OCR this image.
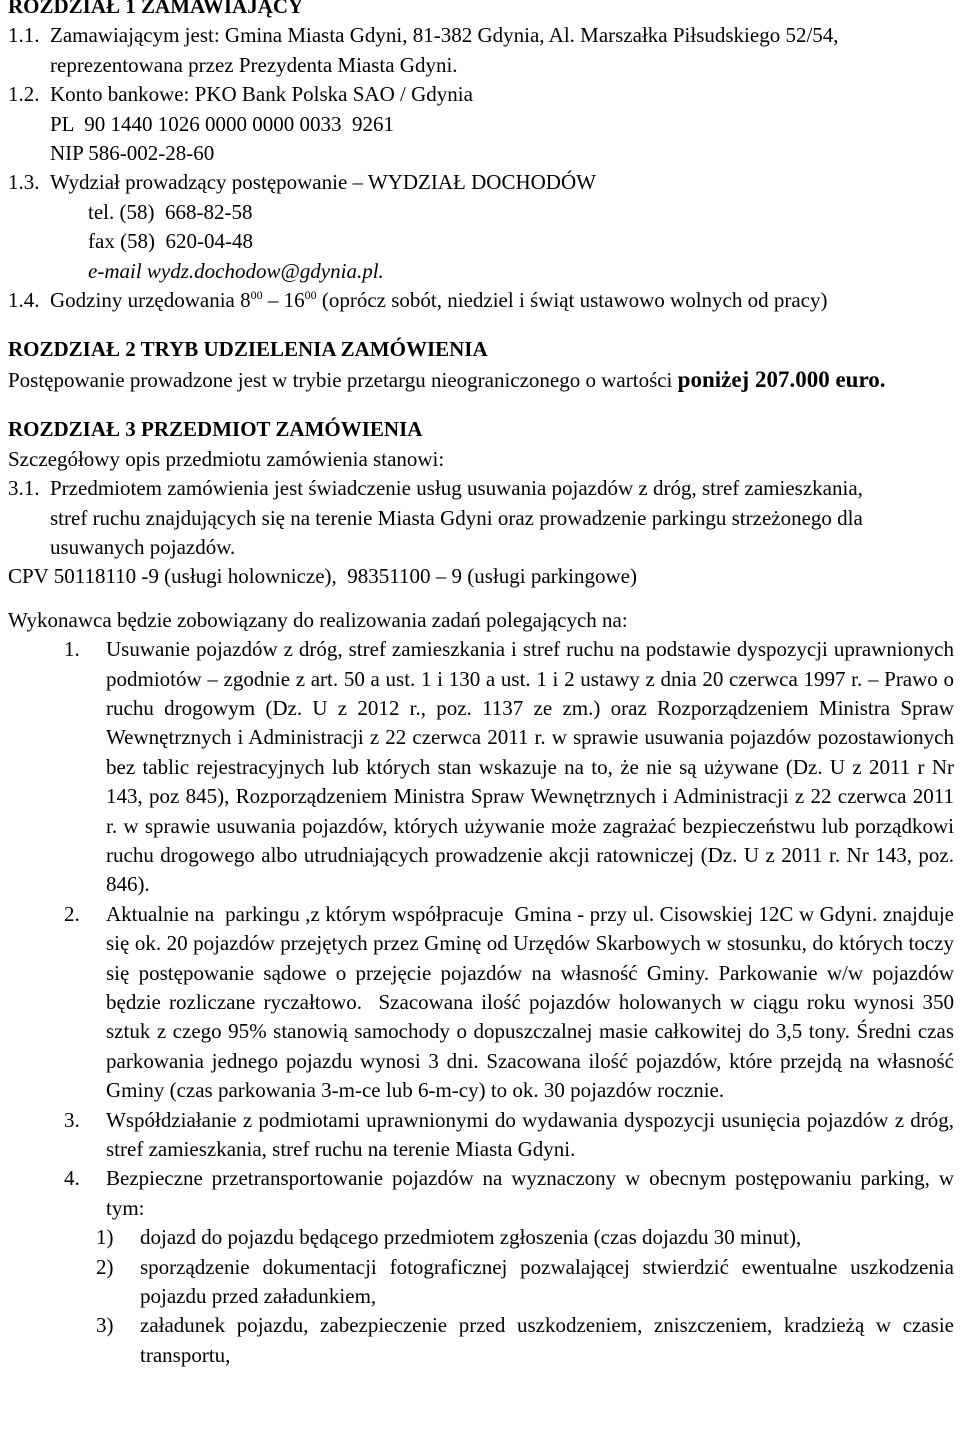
ROZDZIAŁ 1 ZAMAWIAJĄCY
1.1. Zamawiającym jest: Gmina Miasta Gdyni, 81-382 Gdynia, Al. Marszałka Piłsudskiego 52/54,
reprezentowana przez Prezydenta Miasta Gdyni.
1.2. Konto bankowe: PKO Bank Polska SAO / Gdynia
PL  90 1440 1026 0000 0000 0033  9261
NIP 586-002-28-60
1.3. Wydział prowadzący postępowanie – WYDZIAŁ DOCHODÓW
tel. (58)  668-82-58
fax (58)  620-04-48
e-mail wydz.dochodow@gdynia.pl.
1.4. Godziny urzędowania $8^{00} - 16^{00}$ (oprócz sobót, niedziel i świąt ustawowo wolnych od pracy)
ROZDZIAŁ 2 TRYB UDZIELENIA ZAMÓWIENIA
Postępowanie prowadzone jest w trybie przetargu nieograniczonego o wartości poniżej 207.000 euro.
ROZDZIAŁ 3 PRZEDMIOT ZAMÓWIENIA
Szczegółowy opis przedmiotu zamówienia stanowi:
3.1. Przedmiotem zamówienia jest świadczenie usług usuwania pojazdów z dróg, stref zamieszkania,
stref ruchu znajdujących się na terenie Miasta Gdyni oraz prowadzenie parkingu strzeżonego dla
usuwanych pojazdów.
CPV 50118110 -9 (usługi holownicze),  98351100 – 9 (usługi parkingowe)
Wykonawca będzie zobowiązany do realizowania zadań polegających na:
1.	Usuwanie pojazdów z dróg, stref zamieszkania i stref ruchu na podstawie dyspozycji uprawnionych podmiotów – zgodnie z art. 50 a ust. 1 i 130 a ust. 1 i 2 ustawy z dnia 20 czerwca 1997 r. – Prawo o ruchu drogowym (Dz. U z 2012 r., poz. 1137 ze zm.) oraz Rozporządzeniem Ministra Spraw Wewnętrznych i Administracji z 22 czerwca 2011 r. w sprawie usuwania pojazdów pozostawionych bez tablic rejestracyjnych lub których stan wskazuje na to, że nie są używane (Dz. U z 2011 r Nr 143, poz 845), Rozporządzeniem Ministra Spraw Wewnętrznych i Administracji z 22 czerwca 2011 r. w sprawie usuwania pojazdów, których używanie może zagrażać bezpieczeństwu lub porządkowi ruchu drogowego albo utrudniających prowadzenie akcji ratowniczej (Dz. U z 2011 r. Nr 143, poz. 846).
2.	Aktualnie na  parkingu ,z którym współpracuje  Gmina - przy ul. Cisowskiej 12C w Gdyni. znajduje się ok. 20 pojazdów przejętych przez Gminę od Urzędów Skarbowych w stosunku, do których toczy się postępowanie sądowe o przejęcie pojazdów na własność Gminy. Parkowanie w/w pojazdów będzie rozliczane ryczałtowo.  Szacowana ilość pojazdów holowanych w ciągu roku wynosi 350 sztuk z czego 95% stanowią samochody o dopuszczalnej masie całkowitej do 3,5 tony. Średni czas parkowania jednego pojazdu wynosi 3 dni. Szacowana ilość pojazdów, które przejdą na własność Gminy (czas parkowania 3-m-ce lub 6-m-cy) to ok. 30 pojazdów rocznie.
3.	Współdziałanie z podmiotami uprawnionymi do wydawania dyspozycji usunięcia pojazdów z dróg, stref zamieszkania, stref ruchu na terenie Miasta Gdyni.
4.	Bezpieczne przetransportowanie pojazdów na wyznaczony w obecnym postępowaniu parking, w tym:
1)	dojazd do pojazdu będącego przedmiotem zgłoszenia (czas dojazdu 30 minut),
2)	sporządzenie dokumentacji fotograficznej pozwalającej stwierdzić ewentualne uszkodzenia pojazdu przed załadunkiem,
3)	załadunek pojazdu, zabezpieczenie przed uszkodzeniem, zniszczeniem, kradzieżą w czasie transportu,
